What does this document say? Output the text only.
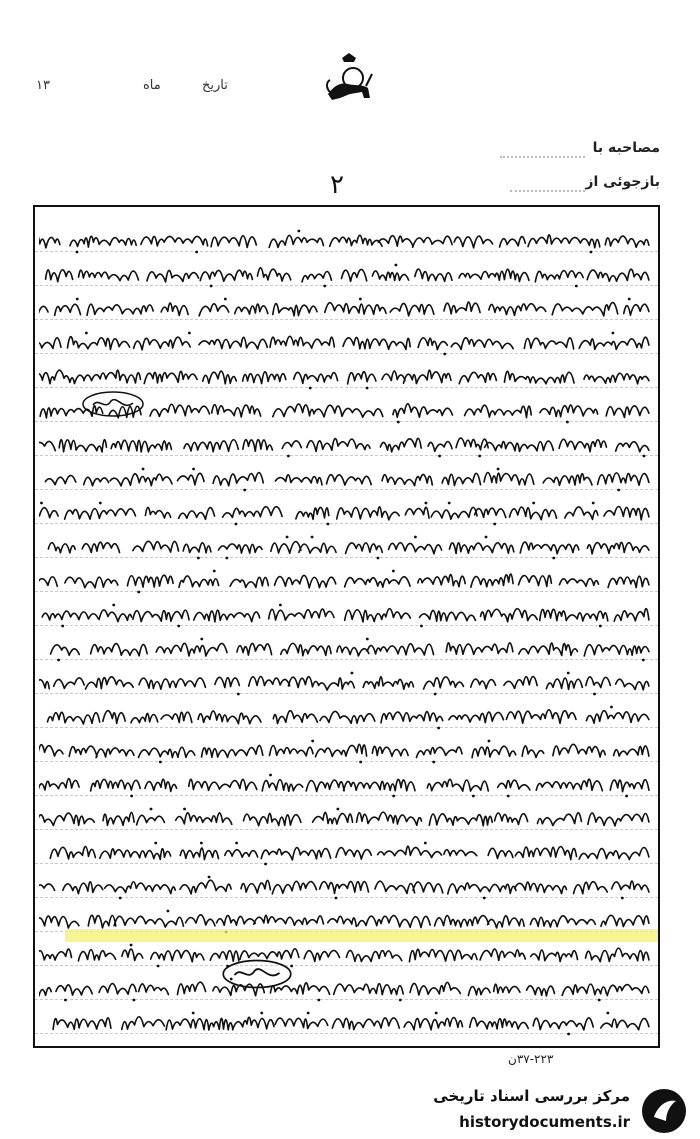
تاریخ
ماه
۱۳
مصاحبه با
بازجوئی از
۲
۳۷-۲۲۳ن
مرکز بررسی اسناد تاریخی
historydocuments.ir
